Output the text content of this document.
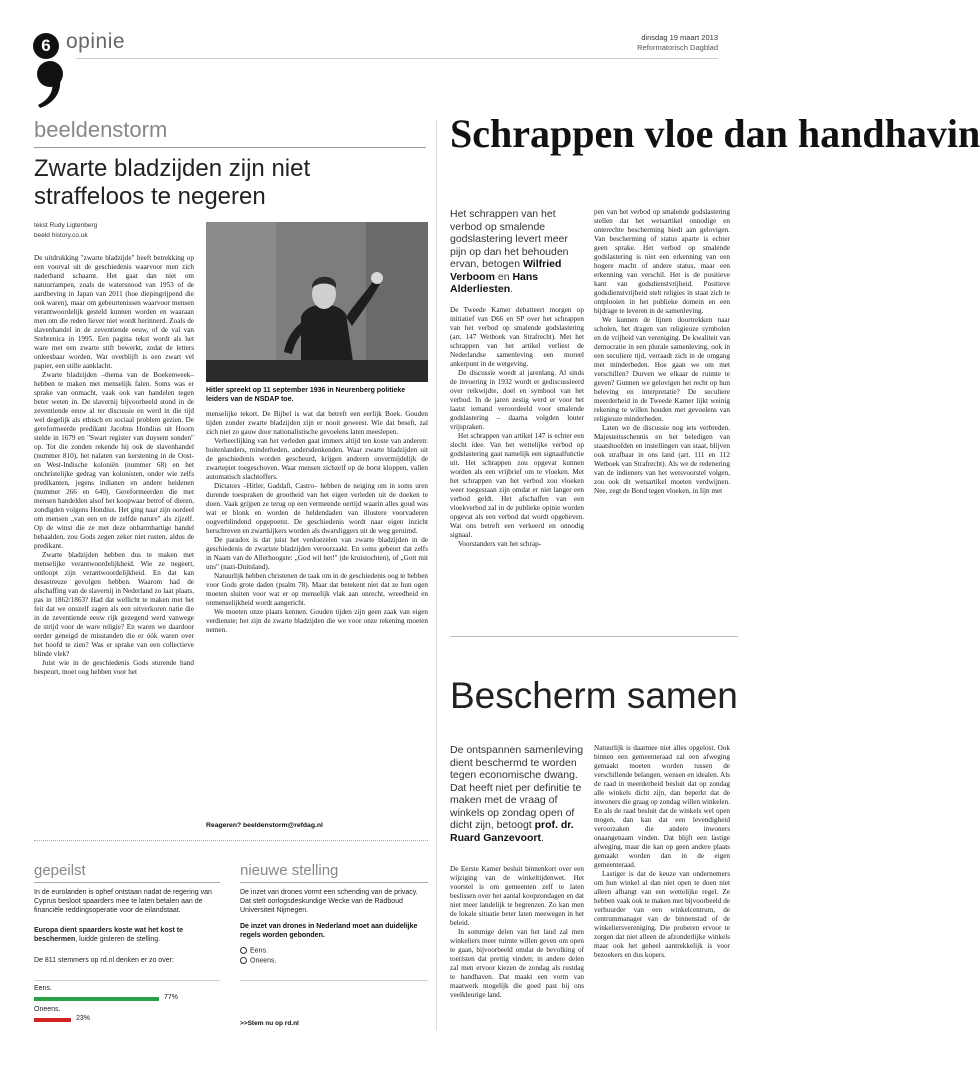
6 opinie	dinsdag 19 maart 2013
Reformatorisch Dagblad
beeldenstorm
Zwarte bladzijden zijn niet straffeloos te negeren
tekst Rudy Ligtenberg
beeld history.co.uk

De uitdrukking "zwarte bladzijde" heeft betrekking op een voorval uit de geschiedenis waarvoor men zich naderhand schaamt. Het gaat dan niet om natuurrampen, zoals de watersnood van 1953 of de aardbeving in Japan van 2011 (hoe diepingrijpend die ook waren), maar om gebeurtenissen waarvoor mensen verantwoordelijk gesteld kunnen worden en waaraan men om die reden liever niet wordt herinnerd. Zoals de slavenhandel in de zeventiende eeuw, of de val van Srebrenica in 1995. Een pagina tekst wordt als het ware met een zwarte stift bewerkt, zodat de letters onleesbaar worden. Wat overblijft is een zwart vel papier, een stille aanklacht.

Zwarte bladzijden –thema van de Boekenweek– hebben te maken met menselijk falen. Soms was er sprake van onmacht, vaak ook van handelen tegen beter weten in. De slavernij bijvoorbeeld stond in de zeventiende eeuw al ter discussie en werd in die tijd wel degelijk als ethisch en sociaal problem gezien. De gereformeerde predikant Jacobus Hondius uit Hoorn stelde in 1679 en "Swart register van duysent sonden" op. Tot die zonden rekende hij ook de slavenhandel (nummer 810), het nalaten van kerstening in de Oost- en West-Indische koloniën (nummer 68) en het onchristelijke gedrag van kolonisten, onder wie zelfs predikanten, jegens indianen en andere heidenen (nummer 266 en 640). Gereformeerden die met mensen handelden alsof het koopwaar betrof of dieren, zondigden volgens Hondius. Het ging naar zijn oordeel om mensen „van een en de zelfde nature" als zijzelf. Op de winst die ze met deze onbarmhartige handel behaalden, zou Gods zegen zeker niet rusten, aldus de predikant.

Zwarte bladzijden hebben dus te maken met menselijke verantwoordelijkheid. Wie ze negeert, ontloopt zijn verantwoordelijkheid. En dat kan desastreuze gevolgen hebben. Waarom had de afschaffing van de slavernij in Nederland zo laat plaats, pas in 1862/1863? Had dat wellicht te maken met het feit dat we onszelf zagen als een uitverkoren natie die in de zeventiende eeuw rijk gezegend werd vanwege de strijd voor de ware religie? En waren we daardoor eerder geneigd de misstanden die er óók waren over het hoofd te zien? Was er sprake van een collectieve blinde vlek?

Juist wie in de geschiedenis Gods sturende hand bespeurt, moet oog hebben voor het

Hitler spreekt op 11 september 1936 in Neurenberg politieke leiders van de NSDAP toe.

menselijke tekort. De Bijbel is wat dat betreft een eerlijk Boek. Gouden tijden zonder zwarte bladzijden zijn er nooit geweest. Wie dat beseft, zal zich niet zo gauw door nationalistische gevoelens laten meeslepen.

Verheerlijking van het verleden gaat immers altijd ten koste van anderen: buitenlanders, minderheden, andersdenkenden. Waar zwarte bladzijden uit de geschiedenis worden gescheurd, krijgen anderen onvermijdelijk de zwartepiet toegeschoven. Waar mensen zichzelf op de borst kloppen, vallen automatisch slachtoffers.

Dictators –Hitler, Gaddafi, Castro– hebben de neiging om in soms uren durende toespraken de grootheid van het eigen verleden uit de doeken te doen. Vaak grijpen ze terug op een vermeende oertijd waarin alles goud was wat er blonk en worden de heldendaden van illustere voorvaderen oogverblindend opgepoetst. De geschiedenis wordt naar eigen inzicht herschreven en zwartkijkers worden als dwarsliggers uit de weg geruimd.

De paradox is dat juist het verdoezelen van zwarte bladzijden in de geschiedenis de zwartste bladzijden veroorzaakt. En soms gebeurt dat zelfs in Naam van de Allerhoogste: „God wil het!" (de kruistochten), of „Gott mit uns" (nazi-Duitsland).

Natuurlijk hebben christenen de taak om in de geschiedenis oog te hebben voor Gods grote daden (psalm 78). Maar dat betekent niet dat ze hun ogen moeten sluiten voor wat er op menselijk vlak aan onrecht, wreedheid en onmenselijkheid wordt aangericht.

We moeten onze plaats kennen. Gouden tijden zijn geen zaak van eigen verdienste; het zijn de zwarte bladzijden die we voor onze rekening moeten nemen.

Reageren? beeldenstorm@refdag.nl
Schrappen vloe dan handhavin
Het schrappen van het verbod op smalende godslastering levert meer pijn op dan het behouden ervan, betogen Wilfried Verboom en Hans Alderliesten.

De Tweede Kamer debatteert morgen op initiatief van D66 en SP over het schrappen van het verbod op smalende godslastering (art. 147 Wetboek van Strafrecht). Met het schrappen van het artikel verliest de Nederlandse samenleving een moreel ankerpunt in de wetgeving.

De discussie woedt al jarenlang. Al sinds de invoering in 1932 wordt er gediscussieerd over reikwijdte, doel en symbool van het verbod. In de jaren zestig werd er voor het laatst iemand veroordeeld voor smalende godslastering – daarna volgden louter vrijspraken.

Het schrappen van artikel 147 is echter een slecht idee. Van het wettelijke verbod op godslastering gaat namelijk een signaalfunctie uit. Het schrappen zou opgevat kunnen worden als een vrijbrief om te vloeken. Met het schrappen van het verbod zou vloeken weer toegestaan zijn omdat er niet langer een verbod geldt. Het afschaffen van een vloekverbod zal in de publieke opinie worden opgevat als een verbod dat wordt opgeheven. Wat ons betreft een verkeerd en onnodig signaal.

Voorstanders van het schrap-

pen van het verbod op smalende godslastering stellen dat het wetsartikel onnodige en onterechte bescherming biedt aan gelovigen. Van bescherming of status aparte is echter geen sprake. Het verbod op smalende godslastering is niet een erkenning van een hogere macht of andere status, maar een erkenning van verschil. Het is de positieve kant van godsdienstvrijheid. Positieve godsdienstvrijheid stelt religies in staat zich te ontplooien in het publieke domein en een bijdrage te leveren in de samenleving.

We kunnen de lijnen doortrekken naar scholen, het dragen van religieuze symbolen en de vrijheid van vereniging. De kwaliteit van democratie in een plurale samenleving, ook in een seculiere tijd, verraadt zich in de omgang met minderheden. Hoe gaan we om met verschillen? Durven we elkaar de ruimte te geven? Gunnen we gelovigen het recht op hun beleving en interpretatie? De seculiere meerderheid in de Tweede Kamer lijkt weinig rekening te willen houden met gevoelens van religieuze minderheden.

Laten we de discussie nog iets verbreden. Majesteitsschennis en het beledigen van staatshoofden en instellingen van staat, blijven ook strafbaar in ons land (art. 111 en 112 Wetboek van Strafrecht). Als we de redenering van de indieners van het wetsvoorstel volgen, zou ook dit wetsartikel moeten verdwijnen. Nee, zegt de Bond tegen vloeken, in lijn met

Bescherm samen
De ontspannen samenleving dient beschermd te worden tegen economische dwang. Dat heeft niet per definitie te maken met de vraag of winkels op zondag open of dicht zijn, betoogt prof. dr. Ruard Ganzevoort.

De Eerste Kamer besluit binnenkort over een wijziging van de winkeltijdenwet. Het voorstel is om gemeenten zelf te laten beslissen over het aantal koopzondagen en dat niet meer landelijk te begrenzen. Zo kan men de lokale situatie beter laten meewegen in het beleid.

In sommige delen van het land zal men winkeliers meer ruimte willen geven om open te gaan, bijvoorbeeld omdat de bevolking of toeristen dat prettig vinden; in andere delen zal men ervoor kiezen de zondag als rustdag te handhaven. Dat maakt een vorm van maatwerk mogelijk die goed past bij ons veelkleurige land.

Natuurlijk is daarmee niet alles opgelost. Ook binnen een gemeenteraad zal een afweging gemaakt moeten worden tussen de verschillende belangen, wensen en idealen. Als de raad in meerderheid besluit dat op zondag alle winkels dicht zijn, dan beperkt dat de inwoners die graag op zondag willen winkelen. En als de raad besluit dat de winkels wel open mogen, dan kan dat een levendigheid veroorzaken die andere inwoners onaangenaam vinden. Dat blijft een lastige afweging, maar die kan op geen andere plaats gemaakt worden dan in de eigen gemeenteraad.

Lastiger is dat de keuze van ondernemers om hun winkel al dan niet open te doen niet alleen afhangt van een wettelijke regel. Ze hebben vaak ook te maken met bijvoorbeeld de verhuurder van een winkelcentrum, de centrummanager van de binnenstad of de winkeliersvereniging. Die proberen ervoor te zorgen dat niet alleen de afzonderlijke winkels maar ook het geheel aantrekkelijk is voor bezoekers en dus kopers.

gepeilst
In de eurolanden is ophef ontstaan nadat de regering van Cyprus besloot spaarders mee te laten betalen aan de financiële reddingsoperatie voor de eilandstaat.
Europa dient spaarders koste wat het kost te beschermen, luidde gisteren de stelling.
De 811 stemmers op rd.nl denken er zo over:
Eens.
77%
Oneens.
23%
nieuwe stelling
De inzet van drones vormt een schending van de privacy. Dat stelt oorlogsdeskundige Wecke van de Radboud Universiteit Nijmegen.
De inzet van drones in Nederland moet aan duidelijke regels worden gebonden.
Eens.
Oneens.
>>Stem nu op rd.nl
